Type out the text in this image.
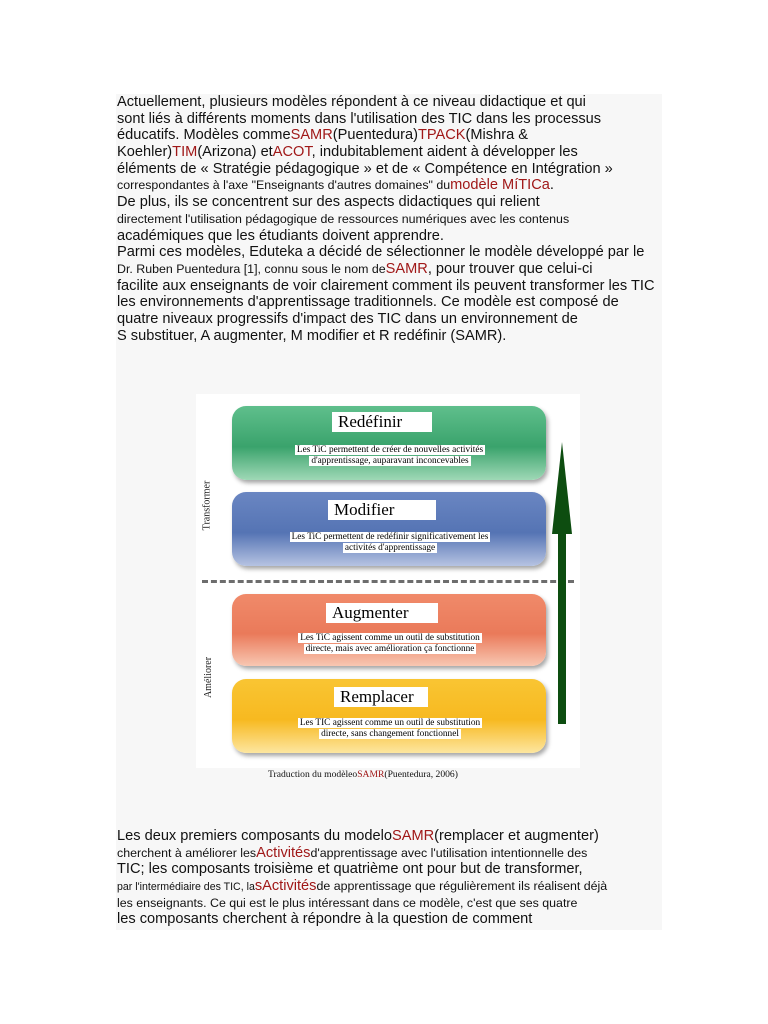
Actuellement, plusieurs modèles répondent à ce niveau didactique et qui
sont liés à différents moments dans l'utilisation des TIC dans les processus
éducatifs. Modèles commeSAMR(Puentedura)TPACK(Mishra &
Koehler)TIM(Arizona) etACOT, indubitablement aident à développer les
éléments de « Stratégie pédagogique » et de « Compétence en Intégration »
correspondantes à l'axe "Enseignants d'autres domaines" dumodèle MíTICa.
De plus, ils se concentrent sur des aspects didactiques qui relient
directement l'utilisation pédagogique de ressources numériques avec les contenus
académiques que les étudiants doivent apprendre.
Parmi ces modèles, Eduteka a décidé de sélectionner le modèle développé par le
Dr. Ruben Puentedura [1], connu sous le nom deSAMR, pour trouver que celui-ci
facilite aux enseignants de voir clairement comment ils peuvent transformer les TIC
les environnements d'apprentissage traditionnels. Ce modèle est composé de
quatre niveaux progressifs d'impact des TIC dans un environnement de
S substituer, A augmenter, M modifier et R redéfinir (SAMR).
Transformer
Améliorer
Redéfinir
Les TiC permettent de créer de nouvelles activités
d'apprentissage, auparavant inconcevables
Modifier
Les TiC permettent de redéfinir significativement les
activités d'apprentissage
Augmenter
Les TiC agissent comme un outil de substitution
directe, mais avec amélioration ça fonctionne
Remplacer
Les TIC agissent comme un outil de substitution
directe, sans changement fonctionnel
Traduction du modèleoSAMR(Puentedura, 2006)
Les deux premiers composants du modeloSAMR(remplacer et augmenter)
cherchent à améliorer lesActivitésd'apprentissage avec l'utilisation intentionnelle des
TIC; les composants troisième et quatrième ont pour but de transformer,
par l'intermédiaire des TIC, lasActivitésde apprentissage que régulièrement ils réalisent déjà
les enseignants. Ce qui est le plus intéressant dans ce modèle, c'est que ses quatre
les composants cherchent à répondre à la question de comment
